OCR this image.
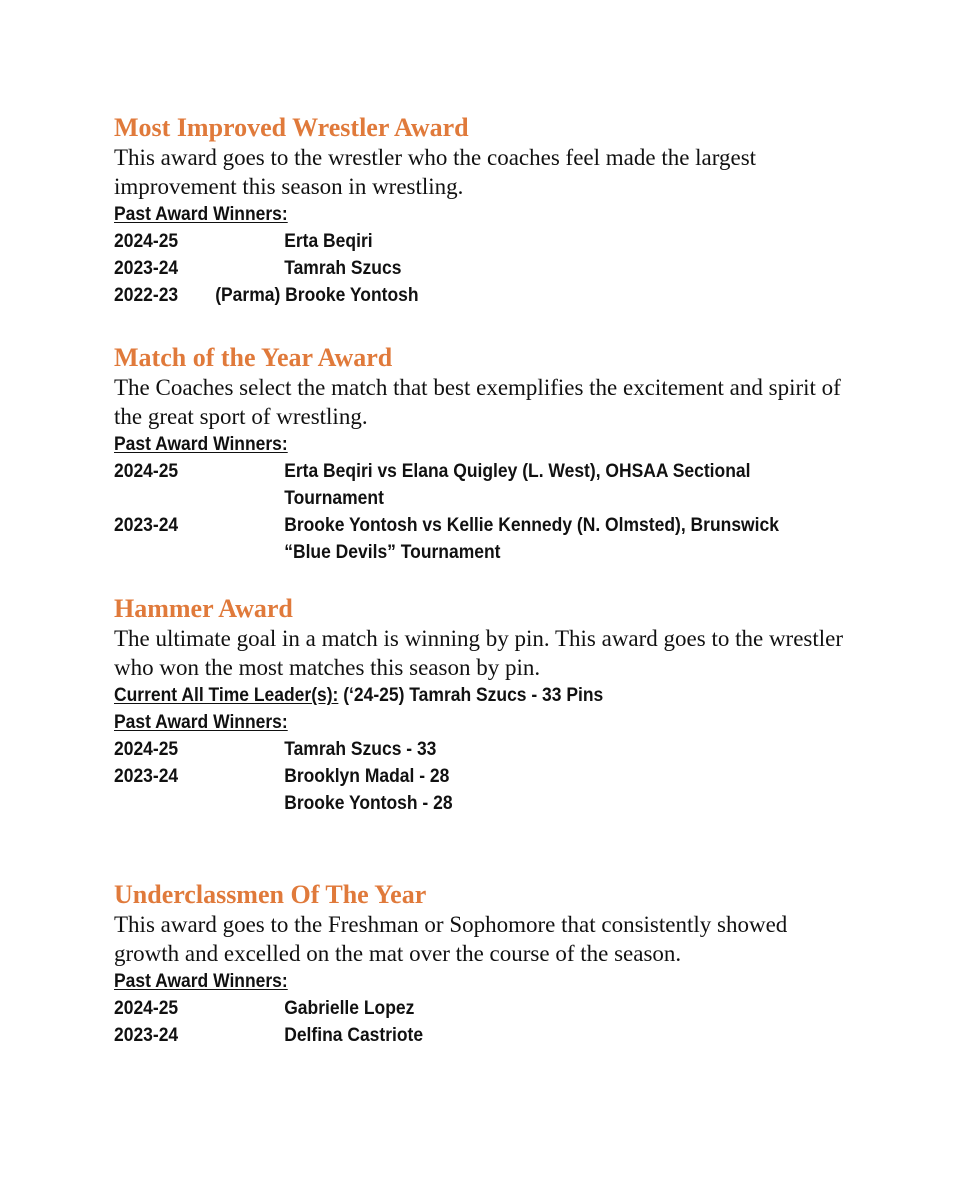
Most Improved Wrestler Award
This award goes to the wrestler who the coaches feel made the largest improvement this season in wrestling.
Past Award Winners:
2024-25	Erta Beqiri
2023-24	Tamrah Szucs
2022-23	(Parma) Brooke Yontosh
Match of the Year Award
The Coaches select the match that best exemplifies the excitement and spirit of the great sport of wrestling.
Past Award Winners:
2024-25	Erta Beqiri vs Elana Quigley (L. West), OHSAA Sectional Tournament
2023-24	Brooke Yontosh vs Kellie Kennedy (N. Olmsted), Brunswick “Blue Devils” Tournament
Hammer Award
The ultimate goal in a match is winning by pin. This award goes to the wrestler who won the most matches this season by pin.
Current All Time Leader(s): (‘24-25) Tamrah Szucs - 33 Pins
Past Award Winners:
2024-25	Tamrah Szucs - 33
2023-24	Brooklyn Madal - 28
Brooke Yontosh - 28
Underclassmen Of The Year
This award goes to the Freshman or Sophomore that consistently showed growth and excelled on the mat over the course of the season.
Past Award Winners:
2024-25	Gabrielle Lopez
2023-24	Delfina Castriote
